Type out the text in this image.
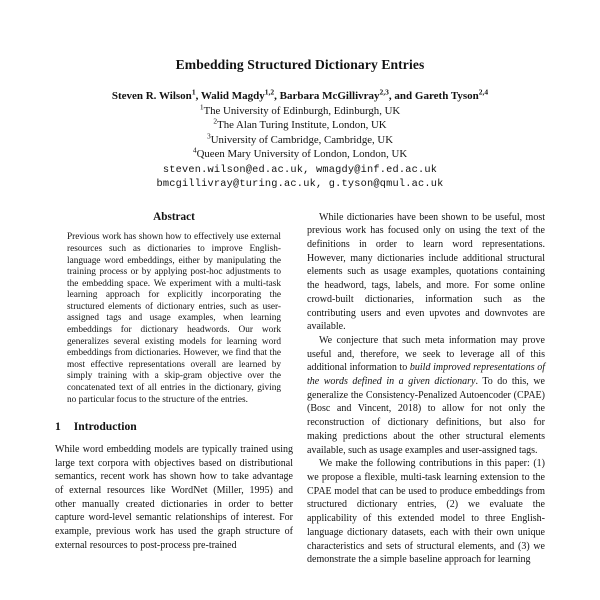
Embedding Structured Dictionary Entries
Steven R. Wilson$^1$, Walid Magdy$^{1,2}$, Barbara McGillivray$^{2,3}$, and Gareth Tyson$^{2,4}$
$^1$The University of Edinburgh, Edinburgh, UK
$^2$The Alan Turing Institute, London, UK
$^3$University of Cambridge, Cambridge, UK
$^4$Queen Mary University of London, London, UK
steven.wilson@ed.ac.uk, wmagdy@inf.ed.ac.uk
bmcgillivray@turing.ac.uk, g.tyson@qmul.ac.uk
Abstract

Previous work has shown how to effectively use external resources such as dictionaries to improve English-language word embeddings, either by manipulating the training process or by applying post-hoc adjustments to the embedding space. We experiment with a multi-task learning approach for explicitly incorporating the structured elements of dictionary entries, such as user-assigned tags and usage examples, when learning embeddings for dictionary headwords. Our work generalizes several existing models for learning word embeddings from dictionaries. However, we find that the most effective representations overall are learned by simply training with a skip-gram objective over the concatenated text of all entries in the dictionary, giving no particular focus to the structure of the entries.

1 Introduction

While word embedding models are typically trained using large text corpora with objectives based on distributional semantics, recent work has shown how to take advantage of external resources like WordNet (Miller, 1995) and other manually created dictionaries in order to better capture word-level semantic relationships of interest. For example, previous work has used the graph structure of external resources to post-process pre-trained

While dictionaries have been shown to be useful, most previous work has focused only on using the text of the definitions in order to learn word representations. However, many dictionaries include additional structural elements such as usage examples, quotations containing the headword, tags, labels, and more. For some online crowd-built dictionaries, information such as the contributing users and even upvotes and downvotes are available.

We conjecture that such meta information may prove useful and, therefore, we seek to leverage all of this additional information to build improved representations of the words defined in a given dictionary. To do this, we generalize the Consistency-Penalized Autoencoder (CPAE) (Bosc and Vincent, 2018) to allow for not only the reconstruction of dictionary definitions, but also for making predictions about the other structural elements available, such as usage examples and user-assigned tags.

We make the following contributions in this paper: (1) we propose a flexible, multi-task learning extension to the CPAE model that can be used to produce embeddings from structured dictionary entries, (2) we evaluate the applicability of this extended model to three English-language dictionary datasets, each with their own unique characteristics and sets of structural elements, and (3) we demonstrate the a simple baseline approach for learning
